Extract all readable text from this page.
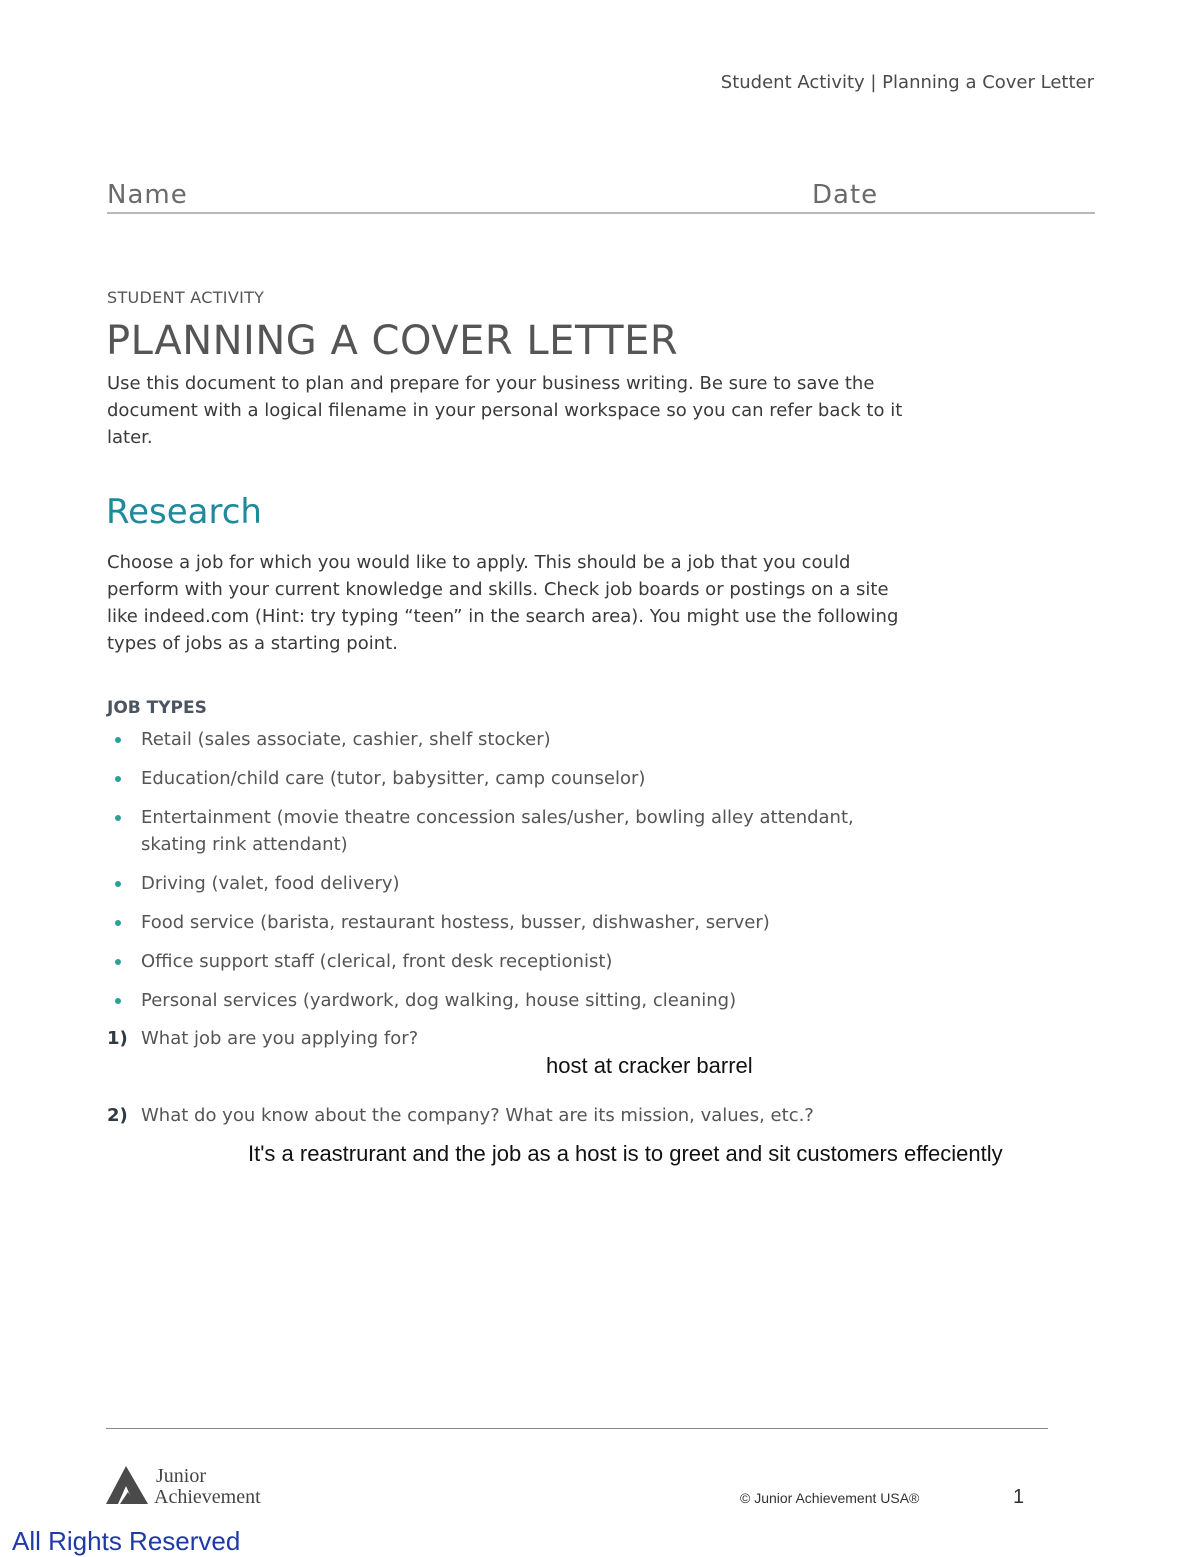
Student Activity | Planning a Cover Letter
Name	Date
STUDENT ACTIVITY
PLANNING A COVER LETTER
Use this document to plan and prepare for your business writing. Be sure to save the document with a logical filename in your personal workspace so you can refer back to it later.
Research
Choose a job for which you would like to apply. This should be a job that you could perform with your current knowledge and skills. Check job boards or postings on a site like indeed.com (Hint: try typing “teen” in the search area). You might use the following types of jobs as a starting point.
JOB TYPES
Retail (sales associate, cashier, shelf stocker)
Education/child care (tutor, babysitter, camp counselor)
Entertainment (movie theatre concession sales/usher, bowling alley attendant, skating rink attendant)
Driving (valet, food delivery)
Food service (barista, restaurant hostess, busser, dishwasher, server)
Office support staff (clerical, front desk receptionist)
Personal services (yardwork, dog walking, house sitting, cleaning)
1) What job are you applying for?
host at cracker barrel
2) What do you know about the company? What are its mission, values, etc.?
It's a reastrurant and the job as a host is to greet and sit customers effeciently
Junior
Achievement	© Junior Achievement USA®	1
All Rights Reserved
